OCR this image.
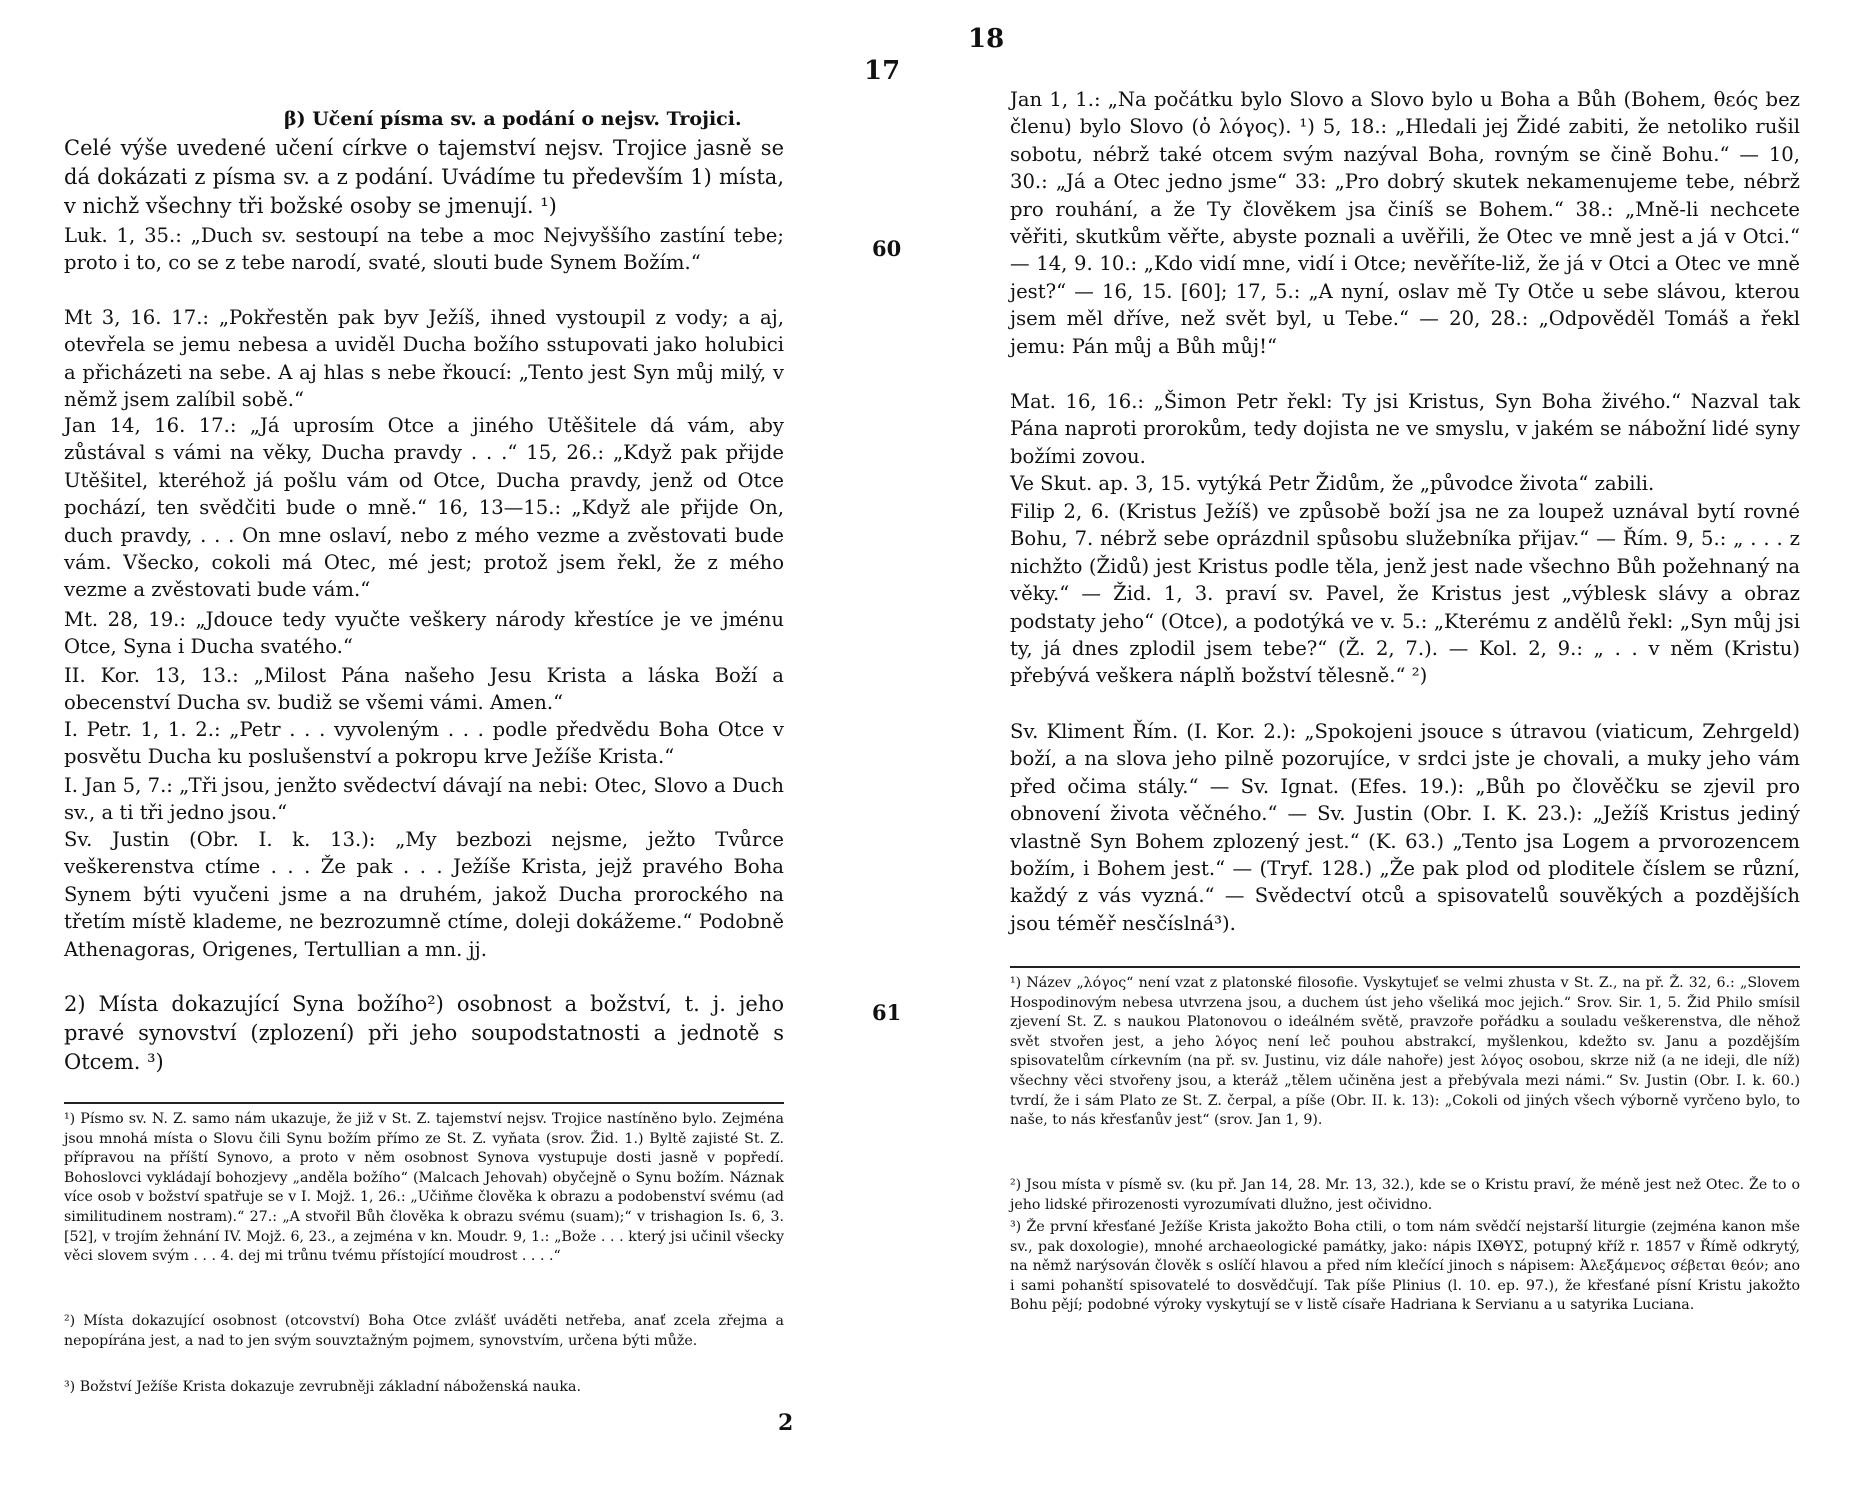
17
β) Učení písma sv. a podání o nejsv. Trojici.

Celé výše uvedené učení církve o tajemství nejsv. Trojice jasně se dá dokázati z písma sv. a z podání. Uvádíme tu především 1) místa, v nichž všechny tři božské osoby se jmenují. ¹)

Luk. 1, 35.: „Duch sv. sestoupí na tebe a moc Nejvyššího zastíní tebe; proto i to, co se z tebe narodí, svaté, slouti bude Synem Božím.“

Mt 3, 16. 17.: „Pokřestěn pak byv Ježíš, ihned vystoupil z vody; a aj, otevřela se jemu nebesa a uviděl Ducha božího sstupovati jako holubici a přicházeti na sebe. A aj hlas s nebe řkoucí: „Tento jest Syn můj milý, v němž jsem zalíbil sobě.“

Jan 14, 16. 17.: „Já uprosím Otce a jiného Utěšitele dá vám, aby zůstával s vámi na věky, Ducha pravdy . . .“ 15, 26.: „Když pak přijde Utěšitel, kteréhož já pošlu vám od Otce, Ducha pravdy, jenž od Otce pochází, ten svědčiti bude o mně.“ 16, 13—15.: „Když ale přijde On, duch pravdy, . . . On mne oslaví, nebo z mého vezme a zvěstovati bude vám. Všecko, cokoli má Otec, mé jest; protož jsem řekl, že z mého vezme a zvěstovati bude vám.“

Mt. 28, 19.: „Jdouce tedy vyučte veškery národy křestíce je ve jménu Otce, Syna i Ducha svatého.“

II. Kor. 13, 13.: „Milost Pána našeho Jesu Krista a láska Boží a obecenství Ducha sv. budiž se všemi vámi. Amen.“

I. Petr. 1, 1. 2.: „Petr . . . vyvoleným . . . podle předvědu Boha Otce v posvětu Ducha ku poslušenství a pokropu krve Ježíše Krista.“

I. Jan 5, 7.: „Tři jsou, jenžto svědectví dávají na nebi: Otec, Slovo a Duch sv., a ti tři jedno jsou.“

Sv. Justin (Obr. I. k. 13.): „My bezbozi nejsme, ježto Tvůrce veškerenstva ctíme . . . Že pak . . . Ježíše Krista, jejž pravého Boha Synem býti vyučeni jsme a na druhém, jakož Ducha prorockého na třetím místě klademe, ne bezrozumně ctíme, doleji dokážeme.“ Podobně Athenagoras, Origenes, Tertullian a mn. jj.

2) Místa dokazující Syna božího²) osobnost a božství, t. j. jeho pravé synovství (zplození) při jeho soupodstatnosti a jednotě s Otcem. ³)

60
61

¹) Písmo sv. N. Z. samo nám ukazuje, že již v St. Z. tajemství nejsv. Trojice nastíněno bylo. Zejména jsou mnohá místa o Slovu čili Synu božím přímo ze St. Z. vyňata (srov. Žid. 1.) Byltě zajisté St. Z. přípravou na příští Synovo, a proto v něm osobnost Synova vystupuje dosti jasně v popředí. Bohoslovci vykládají bohozjevy „anděla božího“ (Malcach Jehovah) obyčejně o Synu božím. Náznak více osob v božství spatřuje se v I. Mojž. 1, 26.: „Učiňme člověka k obrazu a podobenství svému (ad similitudinem nostram).“ 27.: „A stvořil Bůh člověka k obrazu svému (suam);“ v trishagion Is. 6, 3. [52], v trojím žehnání IV. Mojž. 6, 23., a zejména v kn. Moudr. 9, 1.: „Bože . . . který jsi učinil všecky věci slovem svým . . . 4. dej mi trůnu tvému přístojící moudrost . . . .“

²) Místa dokazující osobnost (otcovství) Boha Otce zvlášť uváděti netřeba, anať zcela zřejma a nepopírána jest, a nad to jen svým souvztažným pojmem, synovstvím, určena býti může.

³) Božství Ježíše Krista dokazuje zevrubněji základní náboženská nauka.

2
18

Jan 1, 1.: „Na počátku bylo Slovo a Slovo bylo u Boha a Bůh (Bohem, θεός bez členu) bylo Slovo (ὁ λόγος). ¹) 5, 18.: „Hledali jej Židé zabiti, že netoliko rušil sobotu, nébrž také otcem svým nazýval Boha, rovným se čině Bohu.“ — 10, 30.: „Já a Otec jedno jsme“ 33: „Pro dobrý skutek nekamenujeme tebe, nébrž pro rouhání, a že Ty člověkem jsa činíš se Bohem.“ 38.: „Mně-li nechcete věřiti, skutkům věřte, abyste poznali a uvěřili, že Otec ve mně jest a já v Otci.“ — 14, 9. 10.: „Kdo vidí mne, vidí i Otce; nevěříte-liž, že já v Otci a Otec ve mně jest?“ — 16, 15. [60]; 17, 5.: „A nyní, oslav mě Ty Otče u sebe slávou, kterou jsem měl dříve, než svět byl, u Tebe.“ — 20, 28.: „Odpověděl Tomáš a řekl jemu: Pán můj a Bůh můj!“

Mat. 16, 16.: „Šimon Petr řekl: Ty jsi Kristus, Syn Boha živého.“ Nazval tak Pána naproti prorokům, tedy dojista ne ve smyslu, v jakém se nábožní lidé syny božími zovou.

Ve Skut. ap. 3, 15. vytýká Petr Židům, že „původce života“ zabili.

Filip 2, 6. (Kristus Ježíš) ve způsobě boží jsa ne za loupež uznával bytí rovné Bohu, 7. nébrž sebe oprázdnil spůsobu služebníka přijav.“ — Řím. 9, 5.: „ . . . z nichžto (Židů) jest Kristus podle těla, jenž jest nade všechno Bůh požehnaný na věky.“ — Žid. 1, 3. praví sv. Pavel, že Kristus jest „výblesk slávy a obraz podstaty jeho“ (Otce), a podotýká ve v. 5.: „Kterému z andělů řekl: „Syn můj jsi ty, já dnes zplodil jsem tebe?“ (Ž. 2, 7.). — Kol. 2, 9.: „ . . v něm (Kristu) přebývá veškera náplň božství tělesně.“ ²)

Sv. Kliment Řím. (I. Kor. 2.): „Spokojeni jsouce s útravou (viaticum, Zehrgeld) boží, a na slova jeho pilně pozorujíce, v srdci jste je chovali, a muky jeho vám před očima stály.“ — Sv. Ignat. (Efes. 19.): „Bůh po člověčku se zjevil pro obnovení života věčného.“ — Sv. Justin (Obr. I. K. 23.): „Ježíš Kristus jediný vlastně Syn Bohem zplozený jest.“ (K. 63.) „Tento jsa Logem a prvorozencem božím, i Bohem jest.“ — (Tryf. 128.) „Že pak plod od ploditele číslem se různí, každý z vás vyzná.“ — Svědectví otců a spisovatelů souvěkých a pozdějších jsou téměř nesčíslná³).

¹) Název „λόγος“ není vzat z platonské filosofie. Vyskytujeť se velmi zhusta v St. Z., na př. Ž. 32, 6.: „Slovem Hospodinovým nebesa utvrzena jsou, a duchem úst jeho všeliká moc jejich.“ Srov. Sir. 1, 5. Žid Philo smísil zjevení St. Z. s naukou Platonovou o ideálném světě, pravzoře pořádku a souladu veškerenstva, dle něhož svět stvořen jest, a jeho λόγος není leč pouhou abstrakcí, myšlenkou, kdežto sv. Janu a pozdějším spisovatelům církevním (na př. sv. Justinu, viz dále nahoře) jest λόγος osobou, skrze niž (a ne ideji, dle níž) všechny věci stvořeny jsou, a kteráž „tělem učiněna jest a přebývala mezi námi.“ Sv. Justin (Obr. I. k. 60.) tvrdí, že i sám Plato ze St. Z. čerpal, a píše (Obr. II. k. 13): „Cokoli od jiných všech výborně vyrčeno bylo, to naše, to nás křesťanův jest“ (srov. Jan 1, 9).

²) Jsou místa v písmě sv. (ku př. Jan 14, 28. Mr. 13, 32.), kde se o Kristu praví, že méně jest než Otec. Že to o jeho lidské přirozenosti vyrozumívati dlužno, jest očividno.

³) Že první křesťané Ježíše Krista jakožto Boha ctili, o tom nám svědčí nejstarší liturgie (zejména kanon mše sv., pak doxologie), mnohé archaeologické památky, jako: nápis ΙΧΘΥΣ, potupný kříž r. 1857 v Římě odkrytý, na němž narýsován člověk s oslíčí hlavou a před ním klečící jinoch s nápisem: Ἀλεξάμενος σέβεται θεόν; ano i sami pohanští spisovatelé to dosvědčují. Tak píše Plinius (l. 10. ep. 97.), že křesťané písní Kristu jakožto Bohu pějí; podobné výroky vyskytují se v listě císaře Hadriana k Servianu a u satyrika Luciana.
